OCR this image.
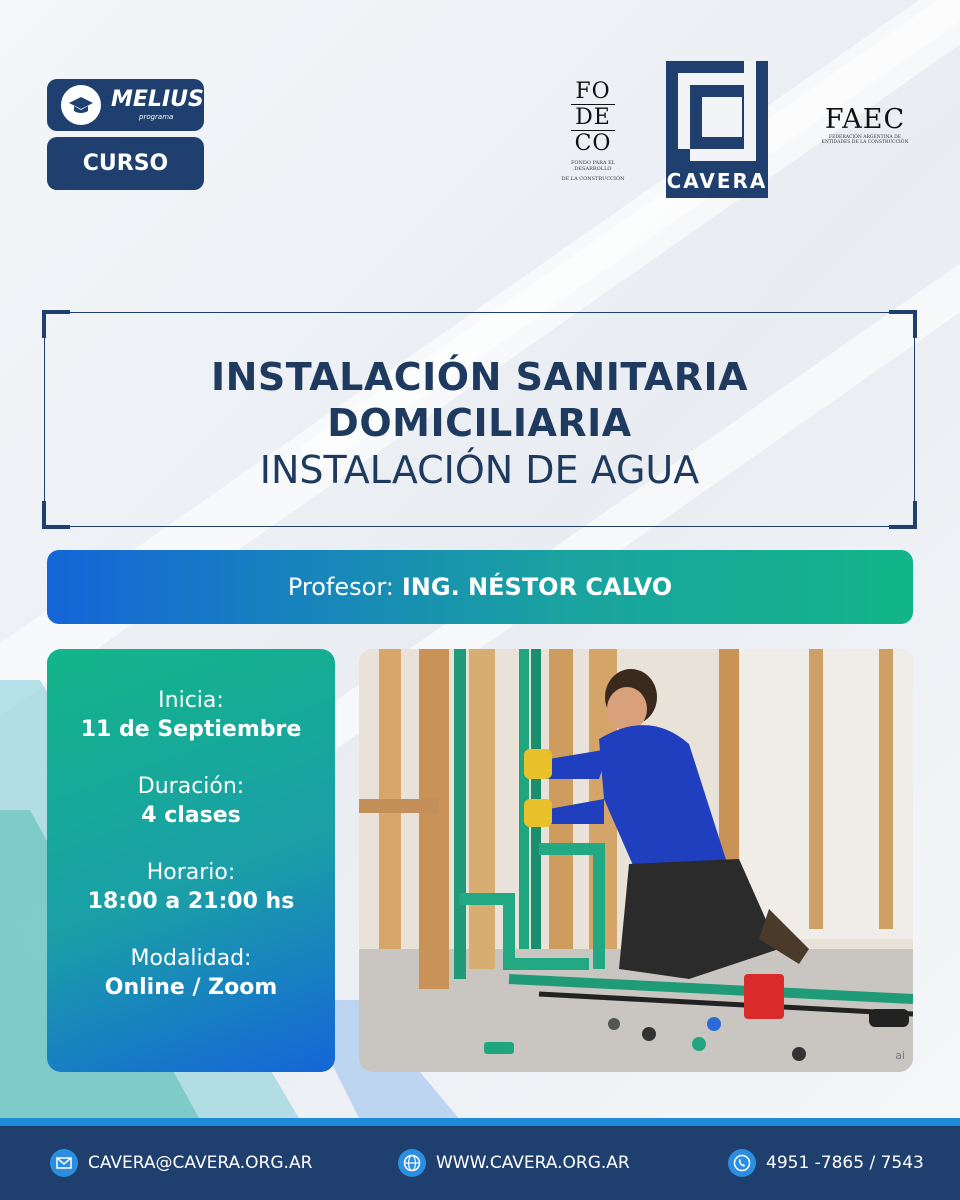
MELIUS
programa
CURSO
FO
DE
CO
FONDO PARA EL DESARROLLO
DE LA CONSTRUCCIÓN CAVERA
FAEC
FEDERACIÓN ARGENTINA DE
ENTIDADES DE LA CONSTRUCCIÓN
INSTALACIÓN SANITARIA
DOMICILIARIA
INSTALACIÓN DE AGUA
Profesor: ING. NÉSTOR CALVO
Inicia:
11 de Septiembre
Duración:
4 clases
Horario:
18:00 a 21:00 hs
Modalidad:
Online / Zoom
ai
CAVERA@CAVERA.ORG.AR	WWW.CAVERA.ORG.AR	4951 -7865 / 7543
